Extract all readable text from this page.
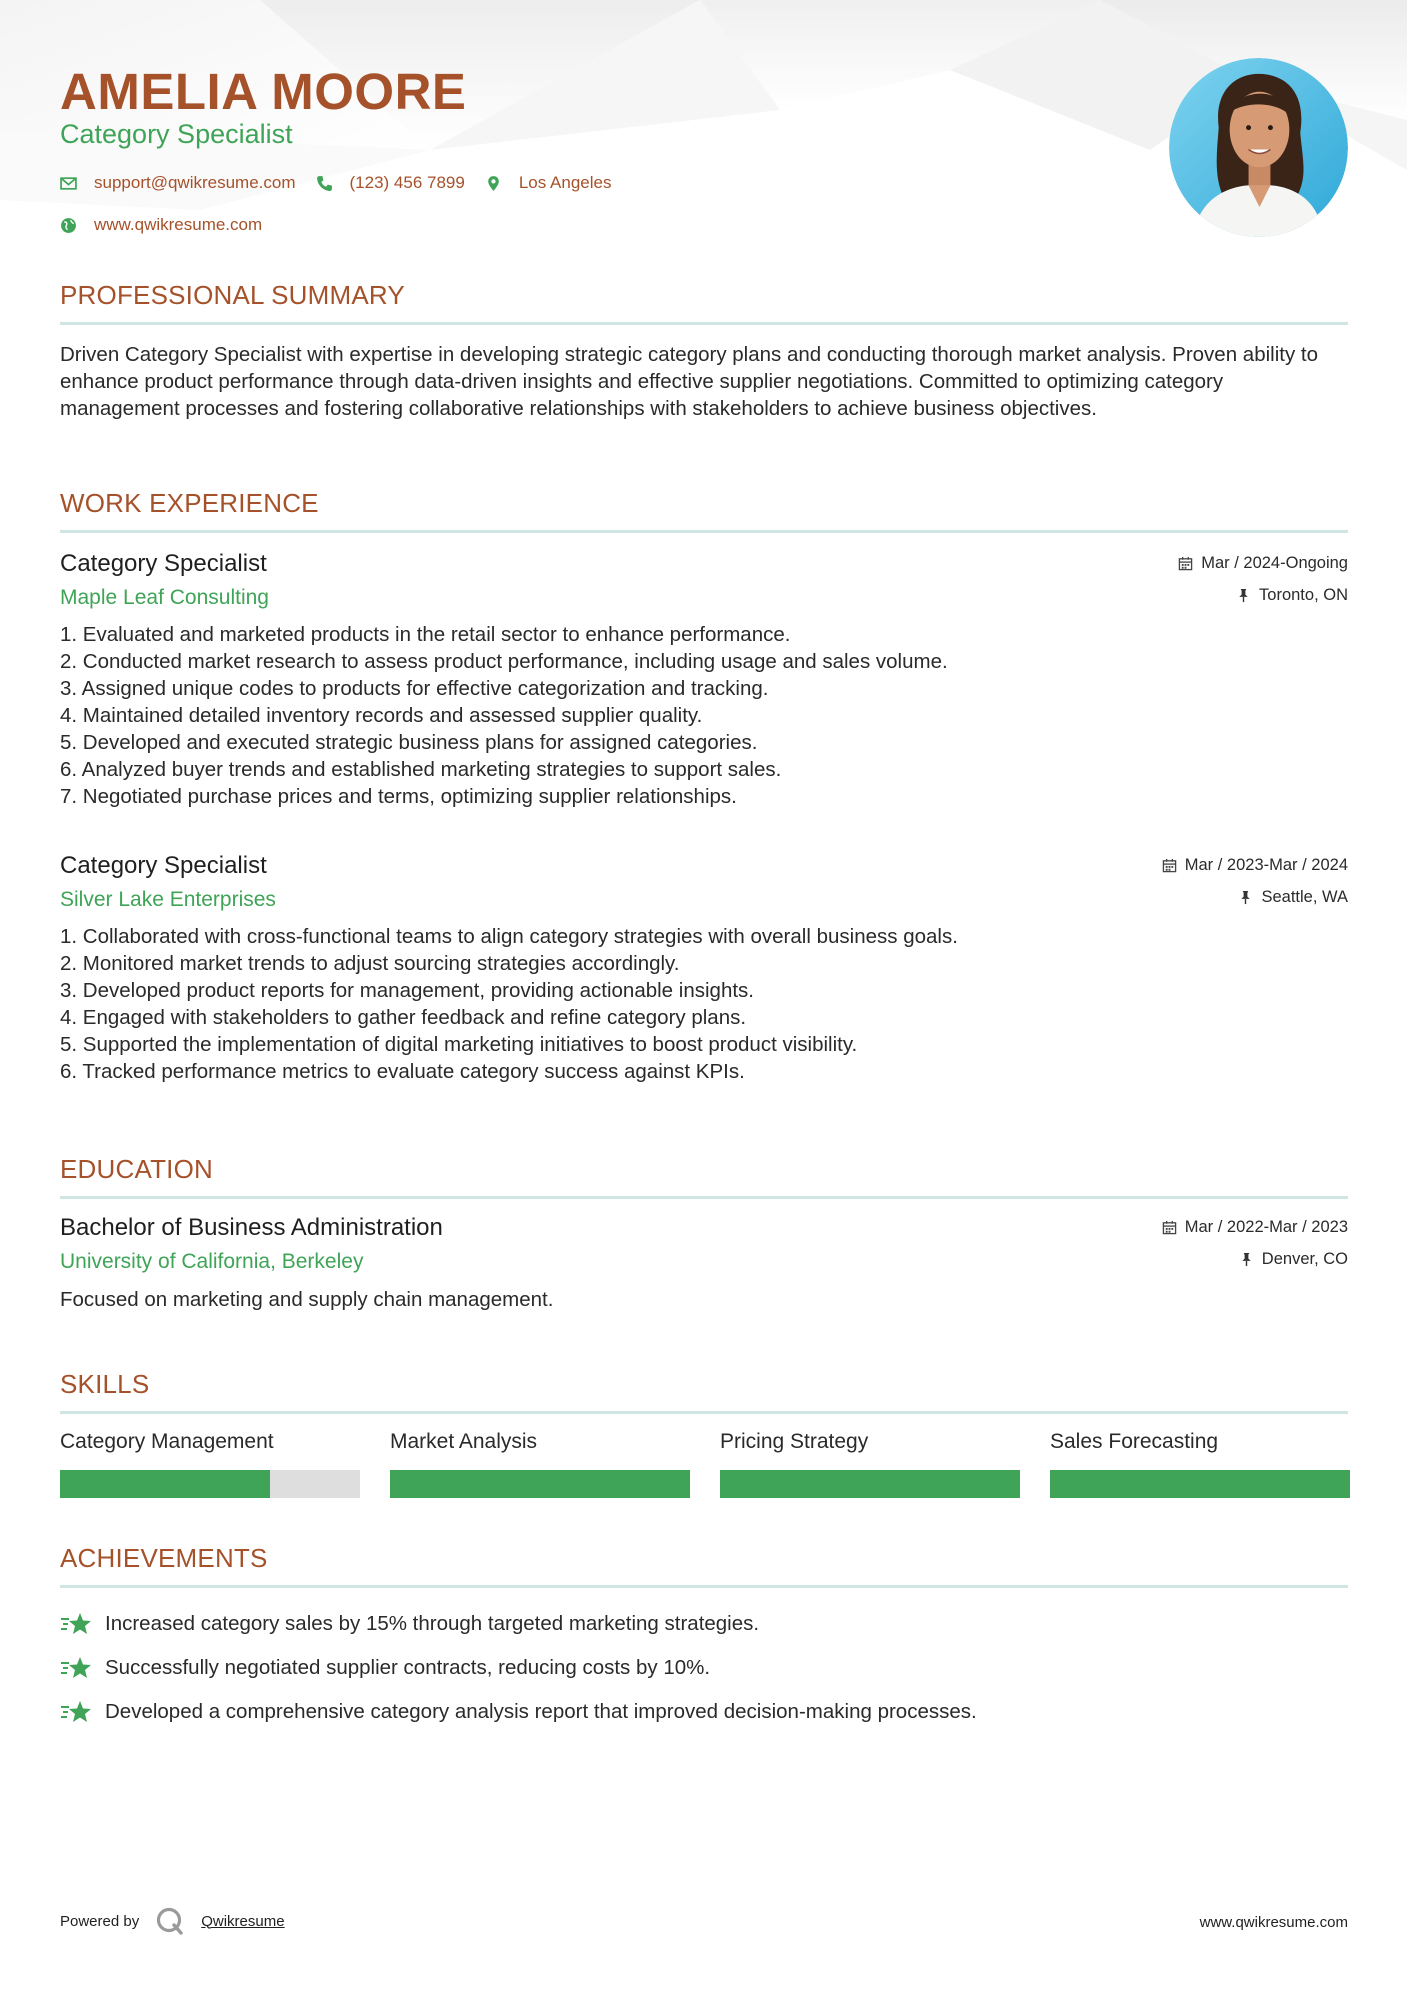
AMELIA MOORE
Category Specialist
support@qwikresume.com	(123) 456 7899	Los Angeles
www.qwikresume.com
PROFESSIONAL SUMMARY

Driven Category Specialist with expertise in developing strategic category plans and conducting thorough market analysis. Proven ability to enhance product performance through data-driven insights and effective supplier negotiations. Committed to optimizing category management processes and fostering collaborative relationships with stakeholders to achieve business objectives.

WORK EXPERIENCE
Category Specialist
Maple Leaf Consulting
Mar / 2024-Ongoing
Toronto, ON
1. Evaluated and marketed products in the retail sector to enhance performance.
2. Conducted market research to assess product performance, including usage and sales volume.
3. Assigned unique codes to products for effective categorization and tracking.
4. Maintained detailed inventory records and assessed supplier quality.
5. Developed and executed strategic business plans for assigned categories.
6. Analyzed buyer trends and established marketing strategies to support sales.
7. Negotiated purchase prices and terms, optimizing supplier relationships.
Category Specialist
Silver Lake Enterprises
Mar / 2023-Mar / 2024
Seattle, WA
1. Collaborated with cross-functional teams to align category strategies with overall business goals.
2. Monitored market trends to adjust sourcing strategies accordingly.
3. Developed product reports for management, providing actionable insights.
4. Engaged with stakeholders to gather feedback and refine category plans.
5. Supported the implementation of digital marketing initiatives to boost product visibility.
6. Tracked performance metrics to evaluate category success against KPIs.
EDUCATION
Bachelor of Business Administration
University of California, Berkeley
Mar / 2022-Mar / 2023
Denver, CO
Focused on marketing and supply chain management.
SKILLS
Category Management	Market Analysis	Pricing Strategy	Sales Forecasting
ACHIEVEMENTS
Increased category sales by 15% through targeted marketing strategies.
Successfully negotiated supplier contracts, reducing costs by 10%.
Developed a comprehensive category analysis report that improved decision-making processes.
Powered by	Qwikresume	www.qwikresume.com
